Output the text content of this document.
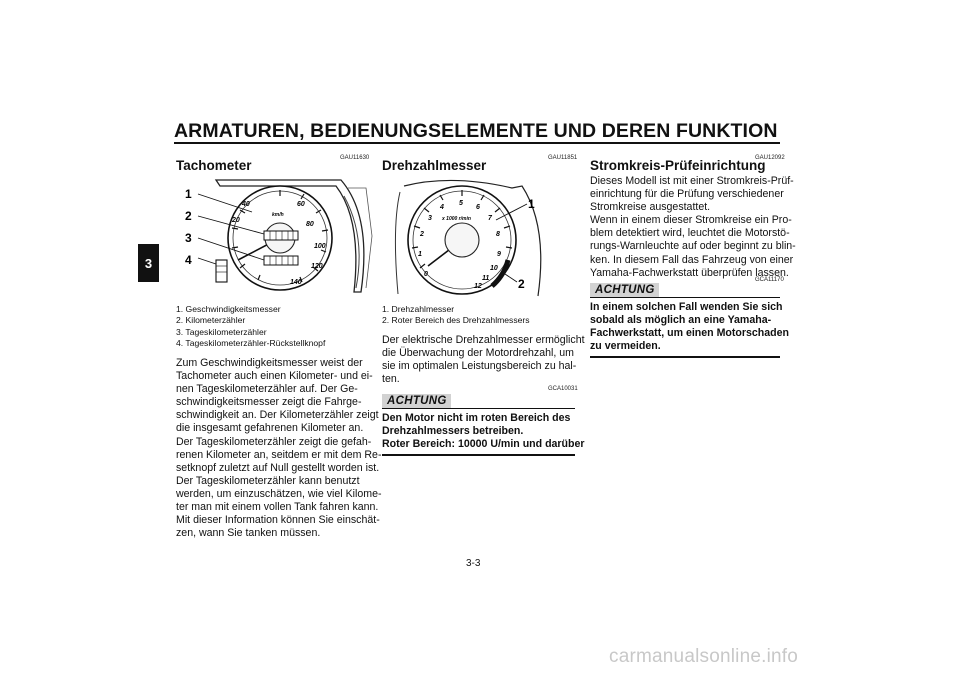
ARMATUREN, BEDIENUNGSELEMENTE UND DEREN FUNKTION
3
GAU11630
Tachometer
40
20
60
80
100
120
140
km/h
1
2
3
4
1. Geschwindigkeitsmesser
2. Kilometerzähler
3. Tageskilometerzähler
4. Tageskilometerzähler-Rückstellknopf
Zum Geschwindigkeitsmesser weist der
Tachometer auch einen Kilometer- und ei-
nen Tageskilometerzähler auf. Der Ge-
schwindigkeitsmesser zeigt die Fahrge-
schwindigkeit an. Der Kilometerzähler zeigt
die insgesamt gefahrenen Kilometer an.
Der Tageskilometerzähler zeigt die gefah-
renen Kilometer an, seitdem er mit dem Re-
setknopf zuletzt auf Null gestellt worden ist.
Der Tageskilometerzähler kann benutzt
werden, um einzuschätzen, wie viel Kilome-
ter man mit einem vollen Tank fahren kann.
Mit dieser Information können Sie einschät-
zen, wann Sie tanken müssen.
GAU11851
Drehzahlmesser
0
1
2
3
4
5
6
7
8
9
10
11
12
x 1000 r/min
1
2
1. Drehzahlmesser
2. Roter Bereich des Drehzahlmessers
Der elektrische Drehzahlmesser ermöglicht
die Überwachung der Motordrehzahl, um
sie im optimalen Leistungsbereich zu hal-
ten.
GCA10031
ACHTUNG
Den Motor nicht im roten Bereich des
Drehzahlmessers betreiben.
Roter Bereich: 10000 U/min und darüber
GAU12092
Stromkreis-Prüfeinrichtung
Dieses Modell ist mit einer Stromkreis-Prüf-
einrichtung für die Prüfung verschiedener
Stromkreise ausgestattet.
Wenn in einem dieser Stromkreise ein Pro-
blem detektiert wird, leuchtet die Motorstö-
rungs-Warnleuchte auf oder beginnt zu blin-
ken. In diesem Fall das Fahrzeug von einer
Yamaha-Fachwerkstatt überprüfen lassen.
GCA11170
ACHTUNG
In einem solchen Fall wenden Sie sich
sobald als möglich an eine Yamaha-
Fachwerkstatt, um einen Motorschaden
zu vermeiden.
3-3
carmanualsonline.info
